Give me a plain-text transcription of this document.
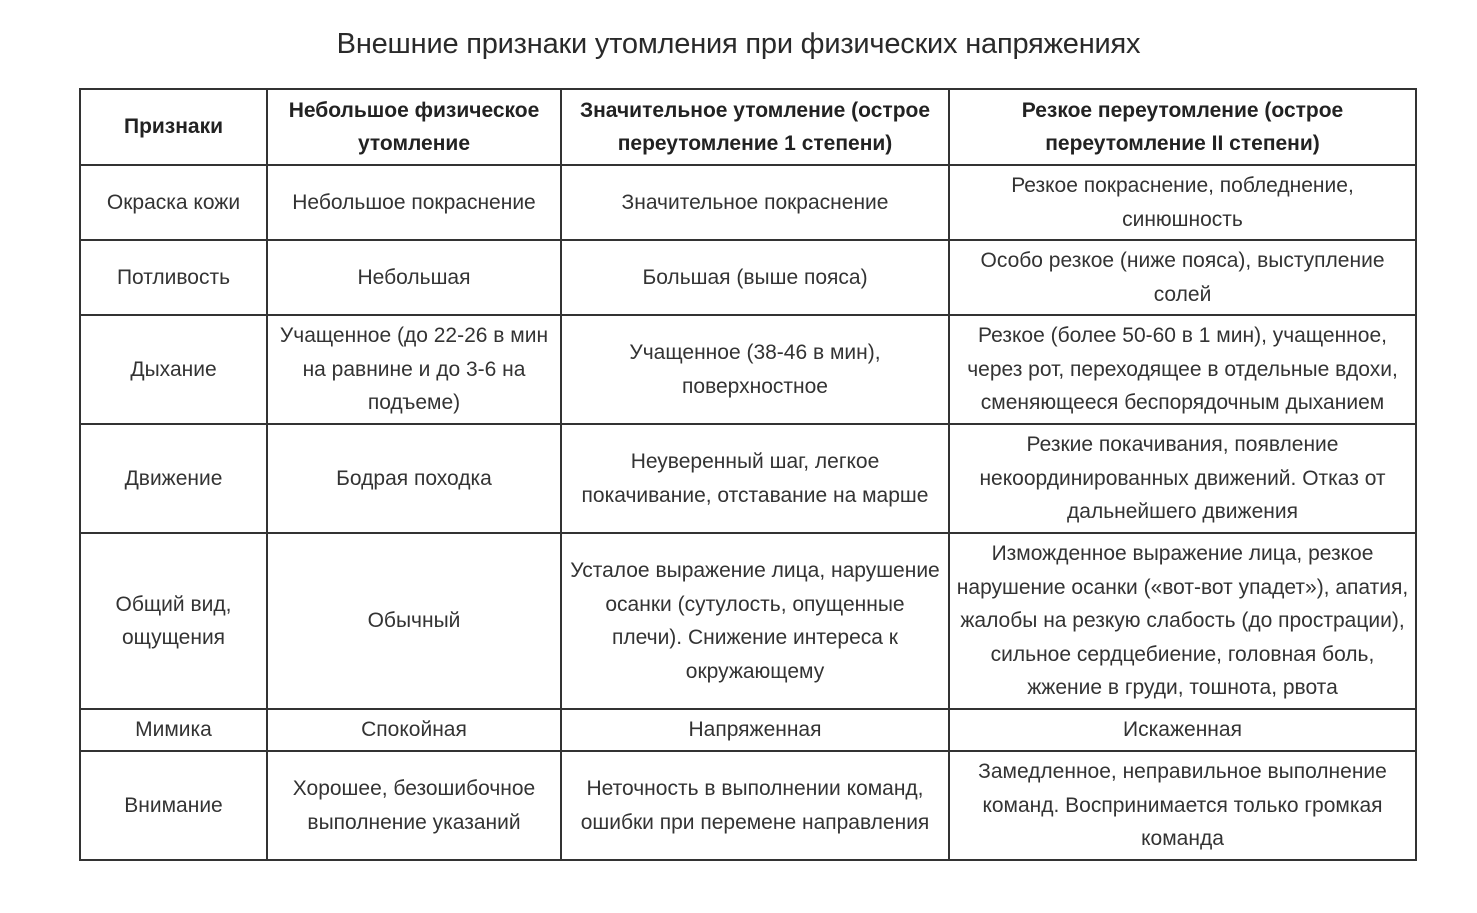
Внешние признаки утомления при физических напряжениях
Признаки	Небольшое физическое утомление	Значительное утомление (острое переутомление 1 степени)	Резкое переутомление (острое переутомление II степени)
Окраска кожи	Небольшое покраснение	Значительное покраснение	Резкое покраснение, побледнение, синюшность
Потливость	Небольшая	Большая (выше пояса)	Особо резкое (ниже пояса), выступление солей
Дыхание	Учащенное (до 22-26 в мин на равнине и до 3-6 на подъеме)	Учащенное (38-46 в мин), поверхностное	Резкое (более 50-60 в 1 мин), учащенное, через рот, переходящее в отдельные вдохи, сменяющееся беспорядочным дыханием
Движение	Бодрая походка	Неуверенный шаг, легкое покачивание, отставание на марше	Резкие покачивания, появление некоординированных движений. Отказ от дальнейшего движения
Общий вид, ощущения	Обычный	Усталое выражение лица, нарушение осанки (сутулость, опущенные плечи). Снижение интереса к окружающему	Изможденное выражение лица, резкое нарушение осанки («вот-вот упадет»), апатия, жалобы на резкую слабость (до прострации), сильное сердцебиение, головная боль, жжение в груди, тошнота, рвота
Мимика	Спокойная	Напряженная	Искаженная
Внимание	Хорошее, безошибочное выполнение указаний	Неточность в выполнении команд, ошибки при перемене направления	Замедленное, неправильное выполнение команд. Воспринимается только громкая команда
